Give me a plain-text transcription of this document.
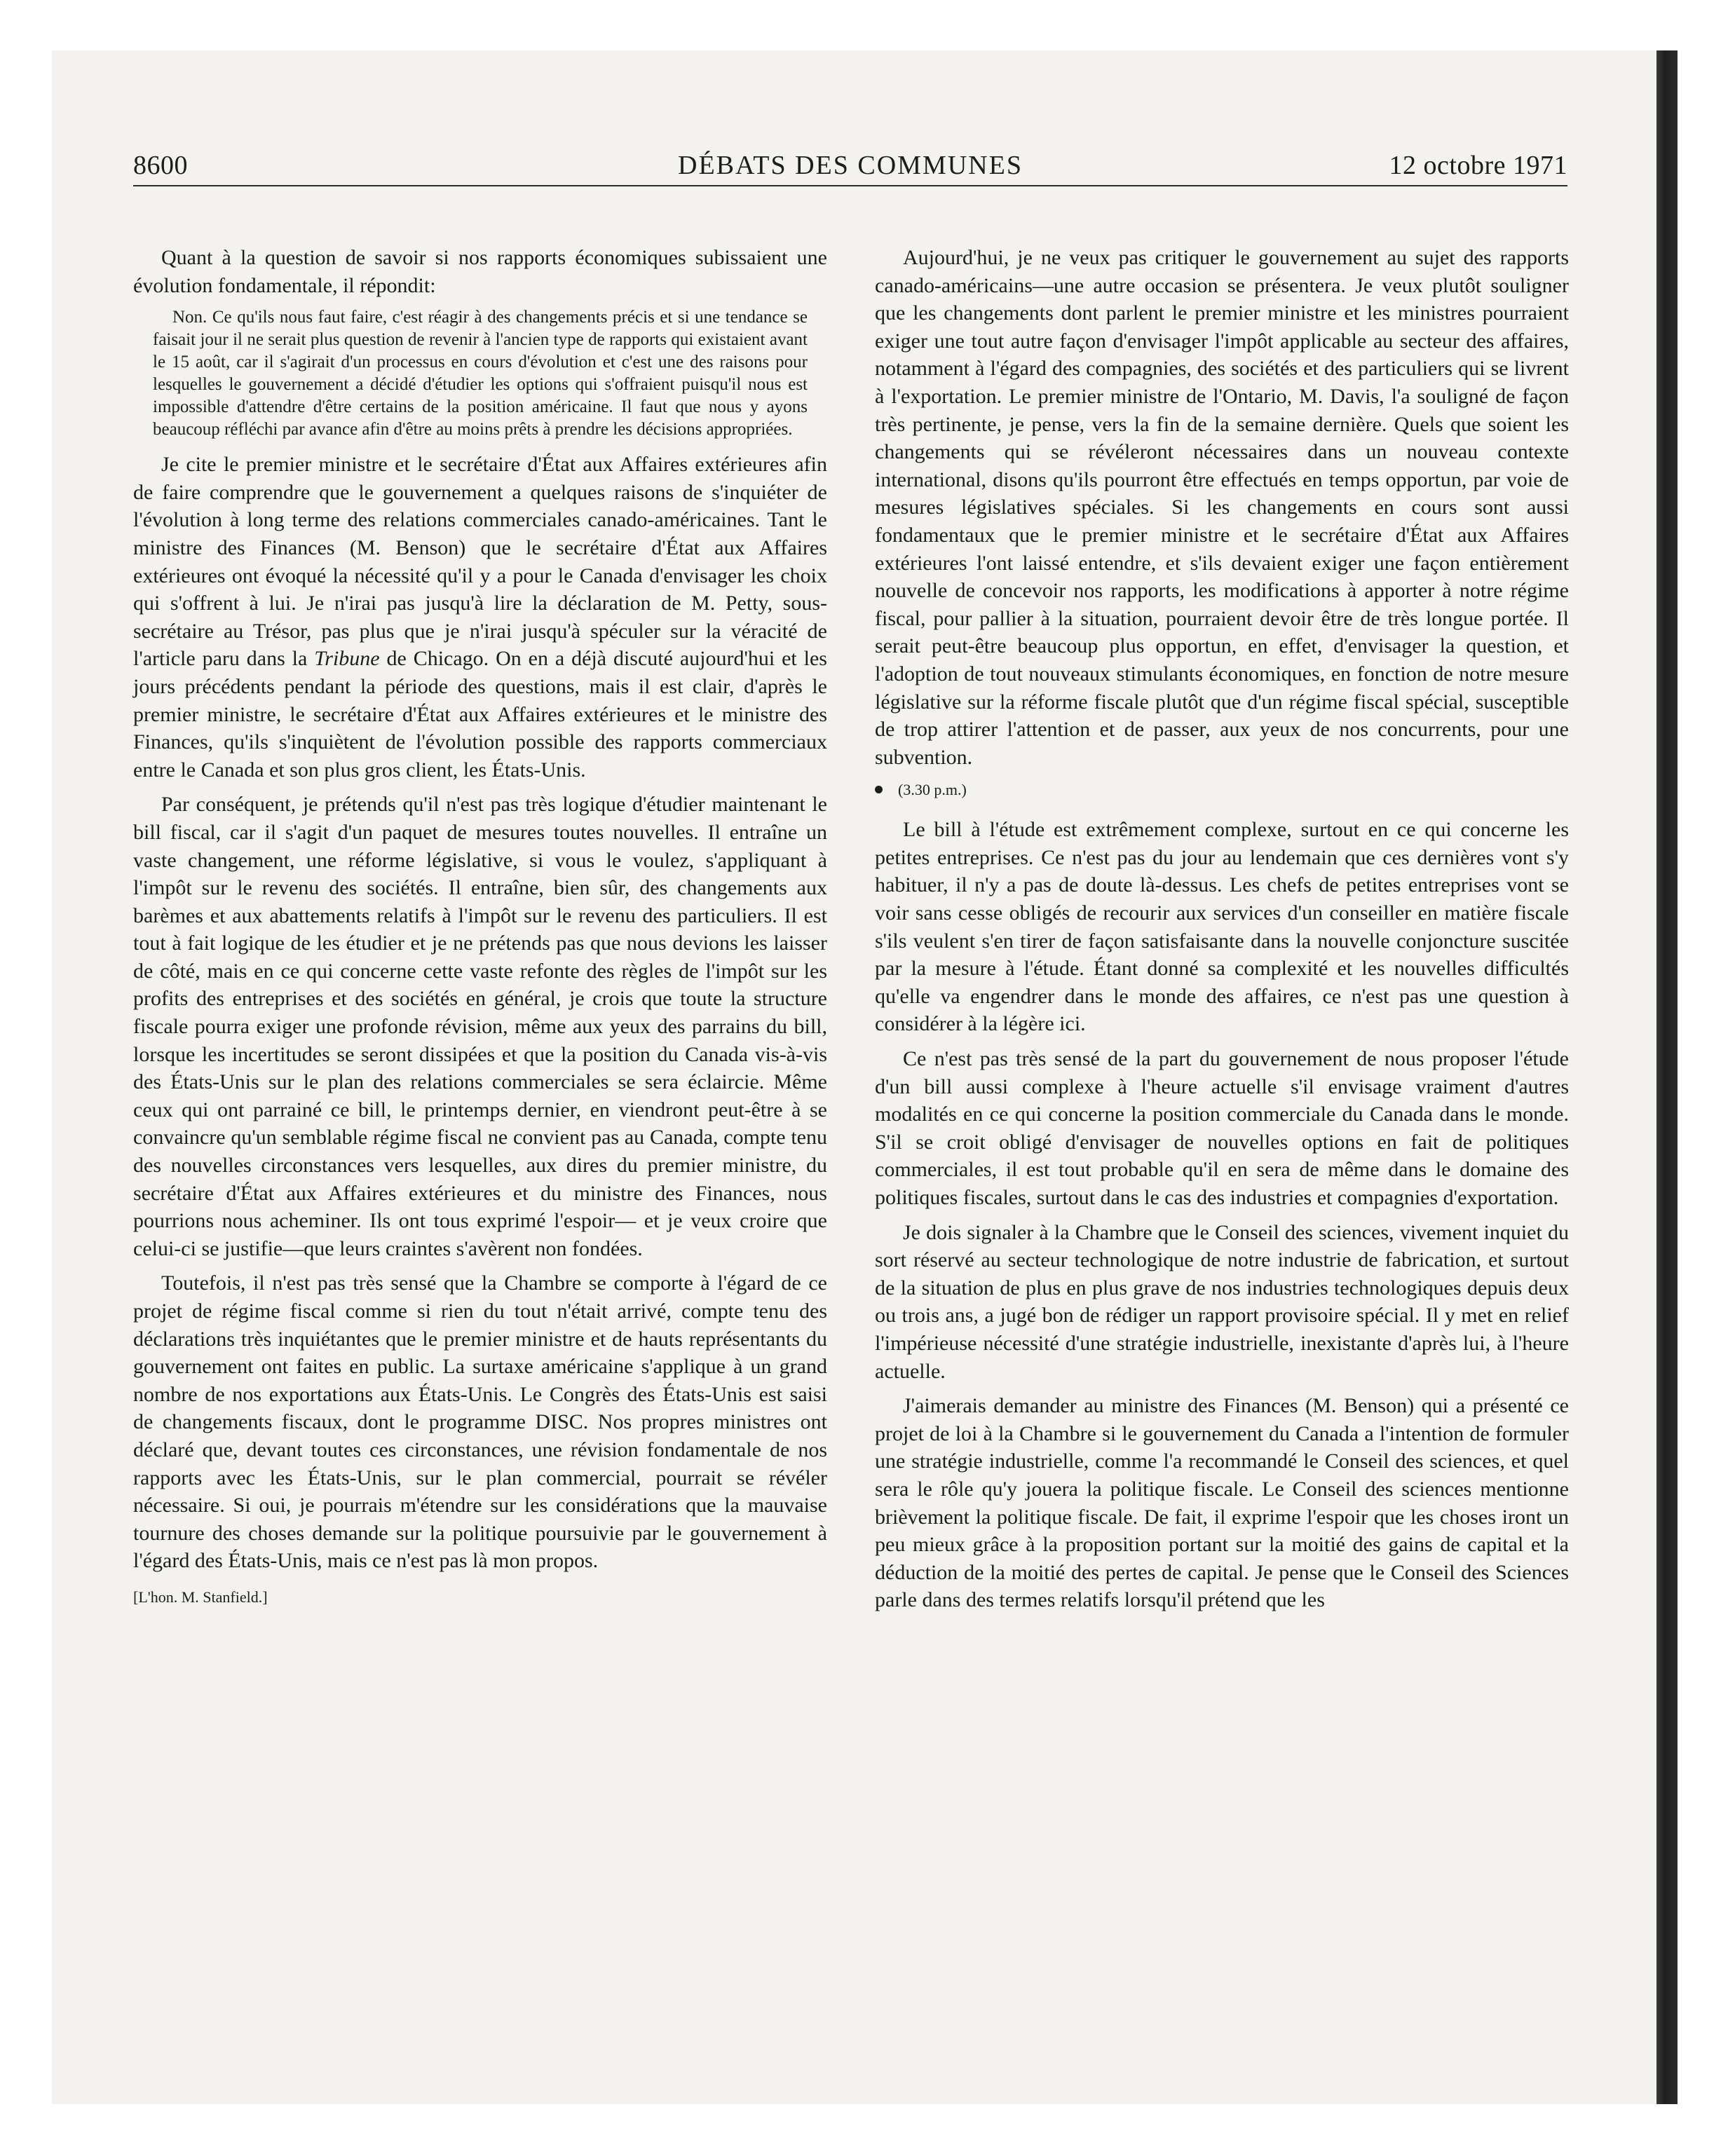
8600	DÉBATS DES COMMUNES	12 octobre 1971

Quant à la question de savoir si nos rapports économiques subissaient une évolution fondamentale, il répondit:

Non. Ce qu'ils nous faut faire, c'est réagir à des changements précis et si une tendance se faisait jour il ne serait plus question de revenir à l'ancien type de rapports qui existaient avant le 15 août, car il s'agirait d'un processus en cours d'évolution et c'est une des raisons pour lesquelles le gouvernement a décidé d'étudier les options qui s'offraient puisqu'il nous est impossible d'attendre d'être certains de la position américaine. Il faut que nous y ayons beaucoup réfléchi par avance afin d'être au moins prêts à prendre les décisions appropriées.

Je cite le premier ministre et le secrétaire d'État aux Affaires extérieures afin de faire comprendre que le gouvernement a quelques raisons de s'inquiéter de l'évolution à long terme des relations commerciales canado-américaines. Tant le ministre des Finances (M. Benson) que le secrétaire d'État aux Affaires extérieures ont évoqué la nécessité qu'il y a pour le Canada d'envisager les choix qui s'offrent à lui. Je n'irai pas jusqu'à lire la déclaration de M. Petty, sous-secrétaire au Trésor, pas plus que je n'irai jusqu'à spéculer sur la véracité de l'article paru dans la Tribune de Chicago. On en a déjà discuté aujourd'hui et les jours précédents pendant la période des questions, mais il est clair, d'après le premier ministre, le secrétaire d'État aux Affaires extérieures et le ministre des Finances, qu'ils s'inquiètent de l'évolution possible des rapports commerciaux entre le Canada et son plus gros client, les États-Unis.

Par conséquent, je prétends qu'il n'est pas très logique d'étudier maintenant le bill fiscal, car il s'agit d'un paquet de mesures toutes nouvelles. Il entraîne un vaste changement, une réforme législative, si vous le voulez, s'appliquant à l'impôt sur le revenu des sociétés. Il entraîne, bien sûr, des changements aux barèmes et aux abattements relatifs à l'impôt sur le revenu des particuliers. Il est tout à fait logique de les étudier et je ne prétends pas que nous devions les laisser de côté, mais en ce qui concerne cette vaste refonte des règles de l'impôt sur les profits des entreprises et des sociétés en général, je crois que toute la structure fiscale pourra exiger une profonde révision, même aux yeux des parrains du bill, lorsque les incertitudes se seront dissipées et que la position du Canada vis-à-vis des États-Unis sur le plan des relations commerciales se sera éclaircie. Même ceux qui ont parrainé ce bill, le printemps dernier, en viendront peut-être à se convaincre qu'un semblable régime fiscal ne convient pas au Canada, compte tenu des nouvelles circonstances vers lesquelles, aux dires du premier ministre, du secrétaire d'État aux Affaires extérieures et du ministre des Finances, nous pourrions nous acheminer. Ils ont tous exprimé l'espoir— et je veux croire que celui-ci se justifie—que leurs craintes s'avèrent non fondées.

Toutefois, il n'est pas très sensé que la Chambre se comporte à l'égard de ce projet de régime fiscal comme si rien du tout n'était arrivé, compte tenu des déclarations très inquiétantes que le premier ministre et de hauts représentants du gouvernement ont faites en public. La surtaxe américaine s'applique à un grand nombre de nos exportations aux États-Unis. Le Congrès des États-Unis est saisi de changements fiscaux, dont le programme DISC. Nos propres ministres ont déclaré que, devant toutes ces circonstances, une révision fondamentale de nos rapports avec les États-Unis, sur le plan commercial, pourrait se révéler nécessaire. Si oui, je pourrais m'étendre sur les considérations que la mauvaise tournure des choses demande sur la politique poursuivie par le gouvernement à l'égard des États-Unis, mais ce n'est pas là mon propos.

[L'hon. M. Stanfield.]

Aujourd'hui, je ne veux pas critiquer le gouvernement au sujet des rapports canado-américains—une autre occasion se présentera. Je veux plutôt souligner que les changements dont parlent le premier ministre et les ministres pourraient exiger une tout autre façon d'envisager l'impôt applicable au secteur des affaires, notamment à l'égard des compagnies, des sociétés et des particuliers qui se livrent à l'exportation. Le premier ministre de l'Ontario, M. Davis, l'a souligné de façon très pertinente, je pense, vers la fin de la semaine dernière. Quels que soient les changements qui se révéleront nécessaires dans un nouveau contexte international, disons qu'ils pourront être effectués en temps opportun, par voie de mesures législatives spéciales. Si les changements en cours sont aussi fondamentaux que le premier ministre et le secrétaire d'État aux Affaires extérieures l'ont laissé entendre, et s'ils devaient exiger une façon entièrement nouvelle de concevoir nos rapports, les modifications à apporter à notre régime fiscal, pour pallier à la situation, pourraient devoir être de très longue portée. Il serait peut-être beaucoup plus opportun, en effet, d'envisager la question, et l'adoption de tout nouveaux stimulants économiques, en fonction de notre mesure législative sur la réforme fiscale plutôt que d'un régime fiscal spécial, susceptible de trop attirer l'attention et de passer, aux yeux de nos concurrents, pour une subvention.

(3.30 p.m.)

Le bill à l'étude est extrêmement complexe, surtout en ce qui concerne les petites entreprises. Ce n'est pas du jour au lendemain que ces dernières vont s'y habituer, il n'y a pas de doute là-dessus. Les chefs de petites entreprises vont se voir sans cesse obligés de recourir aux services d'un conseiller en matière fiscale s'ils veulent s'en tirer de façon satisfaisante dans la nouvelle conjoncture suscitée par la mesure à l'étude. Étant donné sa complexité et les nouvelles difficultés qu'elle va engendrer dans le monde des affaires, ce n'est pas une question à considérer à la légère ici.

Ce n'est pas très sensé de la part du gouvernement de nous proposer l'étude d'un bill aussi complexe à l'heure actuelle s'il envisage vraiment d'autres modalités en ce qui concerne la position commerciale du Canada dans le monde. S'il se croit obligé d'envisager de nouvelles options en fait de politiques commerciales, il est tout probable qu'il en sera de même dans le domaine des politiques fiscales, surtout dans le cas des industries et compagnies d'exportation.

Je dois signaler à la Chambre que le Conseil des sciences, vivement inquiet du sort réservé au secteur technologique de notre industrie de fabrication, et surtout de la situation de plus en plus grave de nos industries technologiques depuis deux ou trois ans, a jugé bon de rédiger un rapport provisoire spécial. Il y met en relief l'impérieuse nécessité d'une stratégie industrielle, inexistante d'après lui, à l'heure actuelle.

J'aimerais demander au ministre des Finances (M. Benson) qui a présenté ce projet de loi à la Chambre si le gouvernement du Canada a l'intention de formuler une stratégie industrielle, comme l'a recommandé le Conseil des sciences, et quel sera le rôle qu'y jouera la politique fiscale. Le Conseil des sciences mentionne brièvement la politique fiscale. De fait, il exprime l'espoir que les choses iront un peu mieux grâce à la proposition portant sur la moitié des gains de capital et la déduction de la moitié des pertes de capital. Je pense que le Conseil des Sciences parle dans des termes relatifs lorsqu'il prétend que les
